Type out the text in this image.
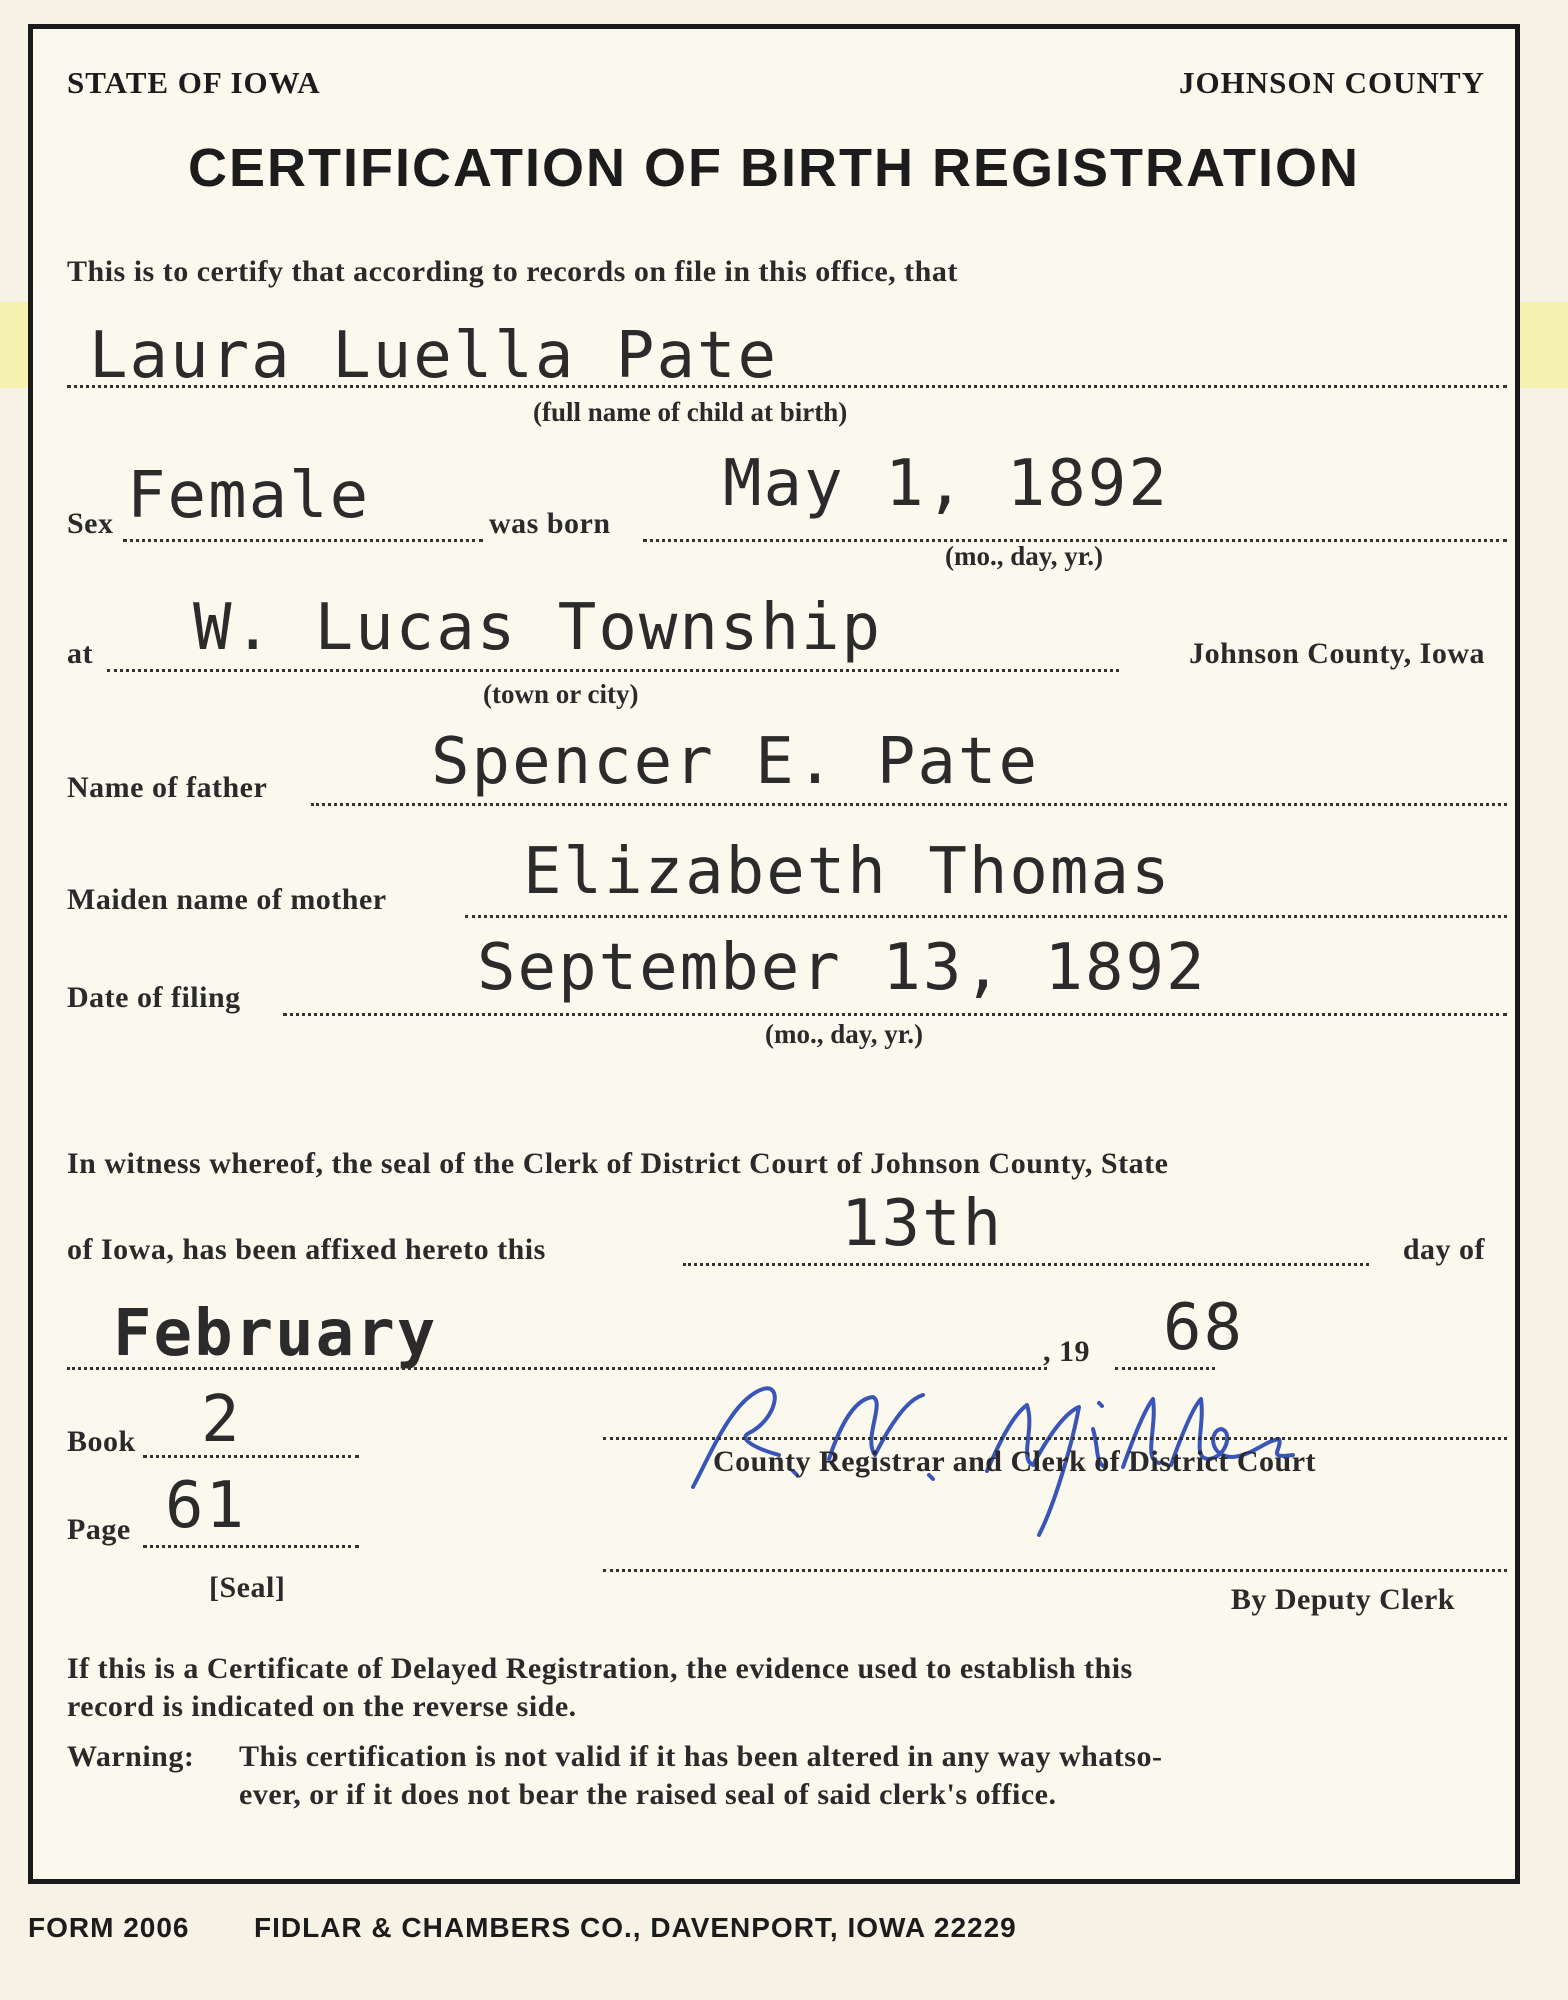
STATE OF IOWA	JOHNSON COUNTY
CERTIFICATION OF BIRTH REGISTRATION
This is to certify that according to records on file in this office, that
Laura Luella Pate
(full name of child at birth)
Sex Female	was born
May 1, 1892
(mo., day, yr.)
at W. Lucas Township	Johnson County, Iowa
(town or city)
Name of father	Spencer E. Pate
Maiden name of mother Elizabeth Thomas
Date of filing	September 13, 1892
(mo., day, yr.)
In witness whereof, the seal of the Clerk of District Court of Johnson County, State
of Iowa, has been affixed hereto this	13th	day of
February	, 19 68
Book 2
Page 61
[Seal]
County Registrar and Clerk of District Court
By Deputy Clerk
If this is a Certificate of Delayed Registration, the evidence used to establish this
record is indicated on the reverse side.
Warning: This certification is not valid if it has been altered in any way whatso-
ever, or if it does not bear the raised seal of said clerk's office.
FORM 2006 FIDLAR & CHAMBERS CO., DAVENPORT, IOWA 22229
